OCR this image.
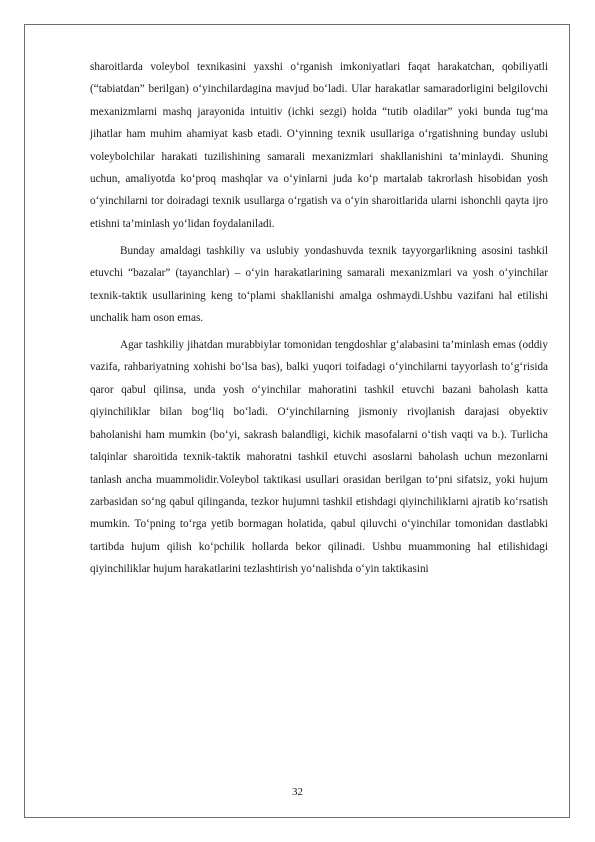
sharoitlarda voleybol texnikasini yaxshi o‘rganish imkoniyatlari faqat harakatchan, qobiliyatli (“tabiatdan” berilgan) o‘yinchilardagina mavjud bo‘ladi. Ular harakatlar samaradorligini belgilovchi mexanizmlarni mashq jarayonida intuitiv (ichki sezgi) holda “tutib oladilar” yoki bunda tug‘ma jihatlar ham muhim ahamiyat kasb etadi. O‘yinning texnik usullariga o‘rgatishning bunday uslubi voleybolchilar harakati tuzilishining samarali mexanizmlari shakllanishini ta’minlaydi. Shuning uchun, amaliyotda ko‘proq mashqlar va o‘yinlarni juda ko‘p martalab takrorlash hisobidan yosh o‘yinchilarni tor doiradagi texnik usullarga o‘rgatish va o‘yin sharoitlarida ularni ishonchli qayta ijro etishni ta’minlash yo‘lidan foydalaniladi.

Bunday amaldagi tashkiliy va uslubiy yondashuvda texnik tayyorgarlikning asosini tashkil etuvchi “bazalar” (tayanchlar) – o‘yin harakatlarining samarali mexanizmlari va yosh o‘yinchilar texnik-taktik usullarining keng to‘plami shakllanishi amalga oshmaydi.Ushbu vazifani hal etilishi unchalik ham oson emas.

Agar tashkiliy jihatdan murabbiylar tomonidan tengdoshlar g‘alabasini ta’minlash emas (oddiy vazifa, rahbariyatning xohishi bo‘lsa bas), balki yuqori toifadagi o‘yinchilarni tayyorlash to‘g‘risida qaror qabul qilinsa, unda yosh o‘yinchilar mahoratini tashkil etuvchi bazani baholash katta qiyinchiliklar bilan bog‘liq bo‘ladi. O‘yinchilarning jismoniy rivojlanish darajasi obyektiv baholanishi ham mumkin (bo‘yi, sakrash balandligi, kichik masofalarni o‘tish vaqti va b.). Turlicha talqinlar sharoitida texnik-taktik mahoratni tashkil etuvchi asoslarni baholash uchun mezonlarni tanlash ancha muammolidir.Voleybol taktikasi usullari orasidan berilgan to‘pni sifatsiz, yoki hujum zarbasidan so‘ng qabul qilinganda, tezkor hujumni tashkil etishdagi qiyinchiliklarni ajratib ko‘rsatish mumkin. To‘pning to‘rga yetib bormagan holatida, qabul qiluvchi o‘yinchilar tomonidan dastlabki tartibda hujum qilish ko‘pchilik hollarda bekor qilinadi. Ushbu muammoning hal etilishidagi qiyinchiliklar hujum harakatlarini tezlashtirish yo‘nalishda o‘yin taktikasini

32
